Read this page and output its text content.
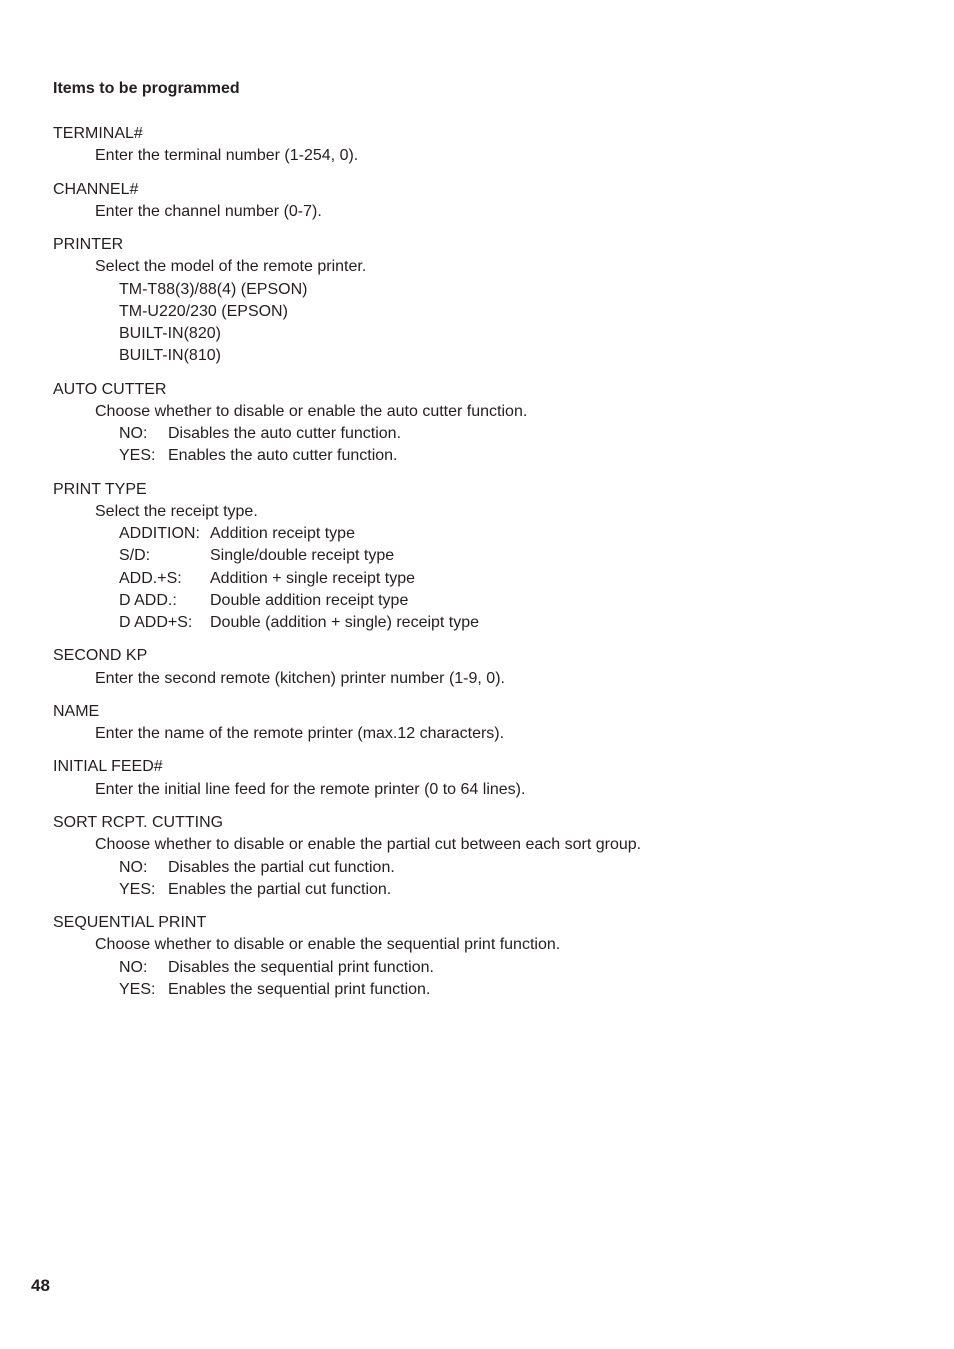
Items to be programmed
TERMINAL#
Enter the terminal number (1-254, 0).
CHANNEL#
Enter the channel number (0-7).
PRINTER
Select the model of the remote printer.
TM-T88(3)/88(4) (EPSON)
TM-U220/230 (EPSON)
BUILT-IN(820)
BUILT-IN(810)
AUTO CUTTER
Choose whether to disable or enable the auto cutter function.
NO: Disables the auto cutter function.
YES: Enables the auto cutter function.
PRINT TYPE
Select the receipt type.
ADDITION: Addition receipt type
S/D:	Single/double receipt type
ADD.+S: Addition + single receipt type
D ADD.: Double addition receipt type
D ADD+S: Double (addition + single) receipt type
SECOND KP
Enter the second remote (kitchen) printer number (1-9, 0).
NAME
Enter the name of the remote printer (max.12 characters).
INITIAL FEED#
Enter the initial line feed for the remote printer (0 to 64 lines).
SORT RCPT. CUTTING
Choose whether to disable or enable the partial cut between each sort group.
NO: Disables the partial cut function.
YES: Enables the partial cut function.
SEQUENTIAL PRINT
Choose whether to disable or enable the sequential print function.
NO: Disables the sequential print function.
YES: Enables the sequential print function.
48
